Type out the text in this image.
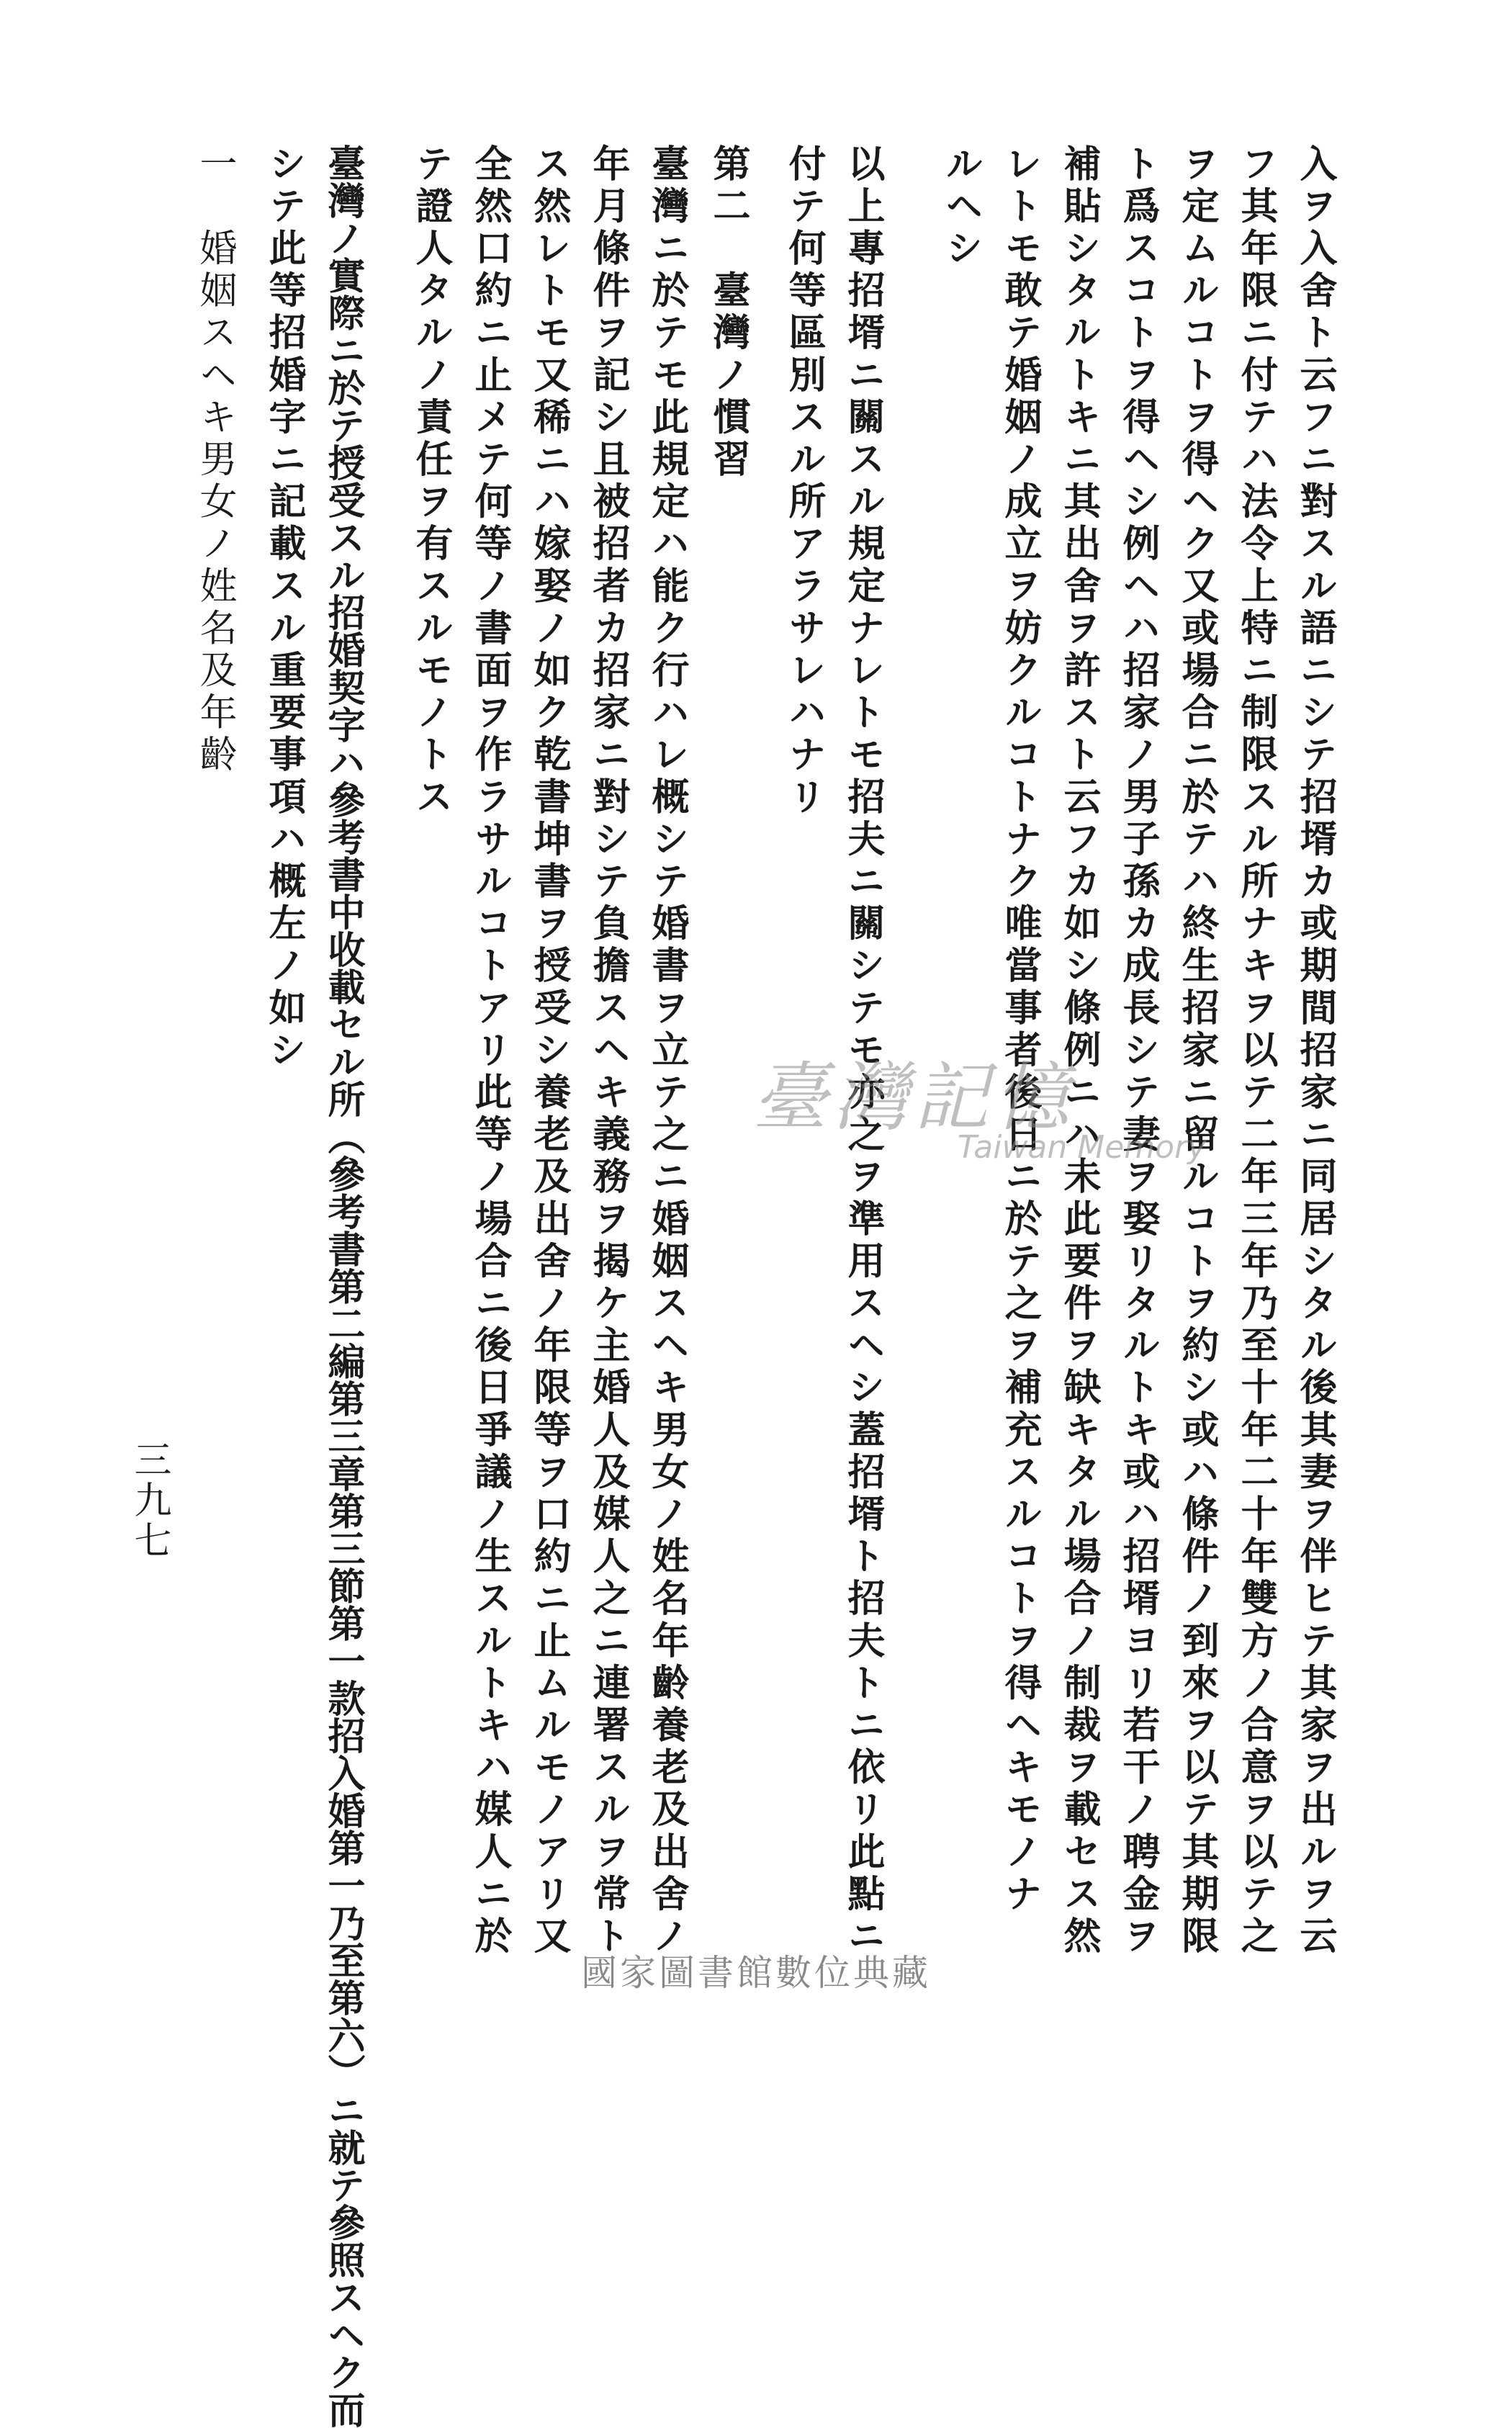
入ヲ入舍ト云フニ對スル語ニシテ招壻カ或期間招家ニ同居シタル後其妻ヲ伴ヒテ其家ヲ出ルヲ云
フ其年限ニ付テハ法令上特ニ制限スル所ナキヲ以テ二年三年乃至十年二十年雙方ノ合意ヲ以テ之
ヲ定ムルコトヲ得ヘク又或場合ニ於テハ終生招家ニ留ルコトヲ約シ或ハ條件ノ到來ヲ以テ其期限
ト爲スコトヲ得ヘシ例ヘハ招家ノ男子孫カ成長シテ妻ヲ娶リタルトキ或ハ招壻ヨリ若干ノ聘金ヲ
補貼シタルトキニ其出舍ヲ許スト云フカ如シ條例ニハ未此要件ヲ缺キタル場合ノ制裁ヲ載セス然
レトモ敢テ婚姻ノ成立ヲ妨クルコトナク唯當事者後日ニ於テ之ヲ補充スルコトヲ得ヘキモノナ
ルヘシ
以上專招壻ニ關スル規定ナレトモ招夫ニ關シテモ亦之ヲ準用スヘシ蓋招壻ト招夫トニ依リ此點ニ
付テ何等區別スル所アラサレハナリ
第二　臺灣ノ慣習
臺灣ニ於テモ此規定ハ能ク行ハレ概シテ婚書ヲ立テ之ニ婚姻スヘキ男女ノ姓名年齡養老及出舍ノ
年月條件ヲ記シ且被招者カ招家ニ對シテ負擔スヘキ義務ヲ揭ケ主婚人及媒人之ニ連署スルヲ常ト
ス然レトモ又稀ニハ嫁娶ノ如ク乾書坤書ヲ授受シ養老及出舍ノ年限等ヲ口約ニ止ムルモノアリ又
全然口約ニ止メテ何等ノ書面ヲ作ラサルコトアリ此等ノ場合ニ後日爭議ノ生スルトキハ媒人ニ於
テ證人タルノ責任ヲ有スルモノトス
臺灣ノ實際ニ於テ授受スル招婚契字ハ參考書中收載セル所（參考書第二編第三章第三節第一款招入婚第一乃至第六）ニ就テ參照スヘク而
シテ此等招婚字ニ記載スル重要事項ハ概左ノ如シ
一　婚姻スヘキ男女ノ姓名及年齡
三九七
臺灣記憶
Taiwan Memory
國家圖書館數位典藏
